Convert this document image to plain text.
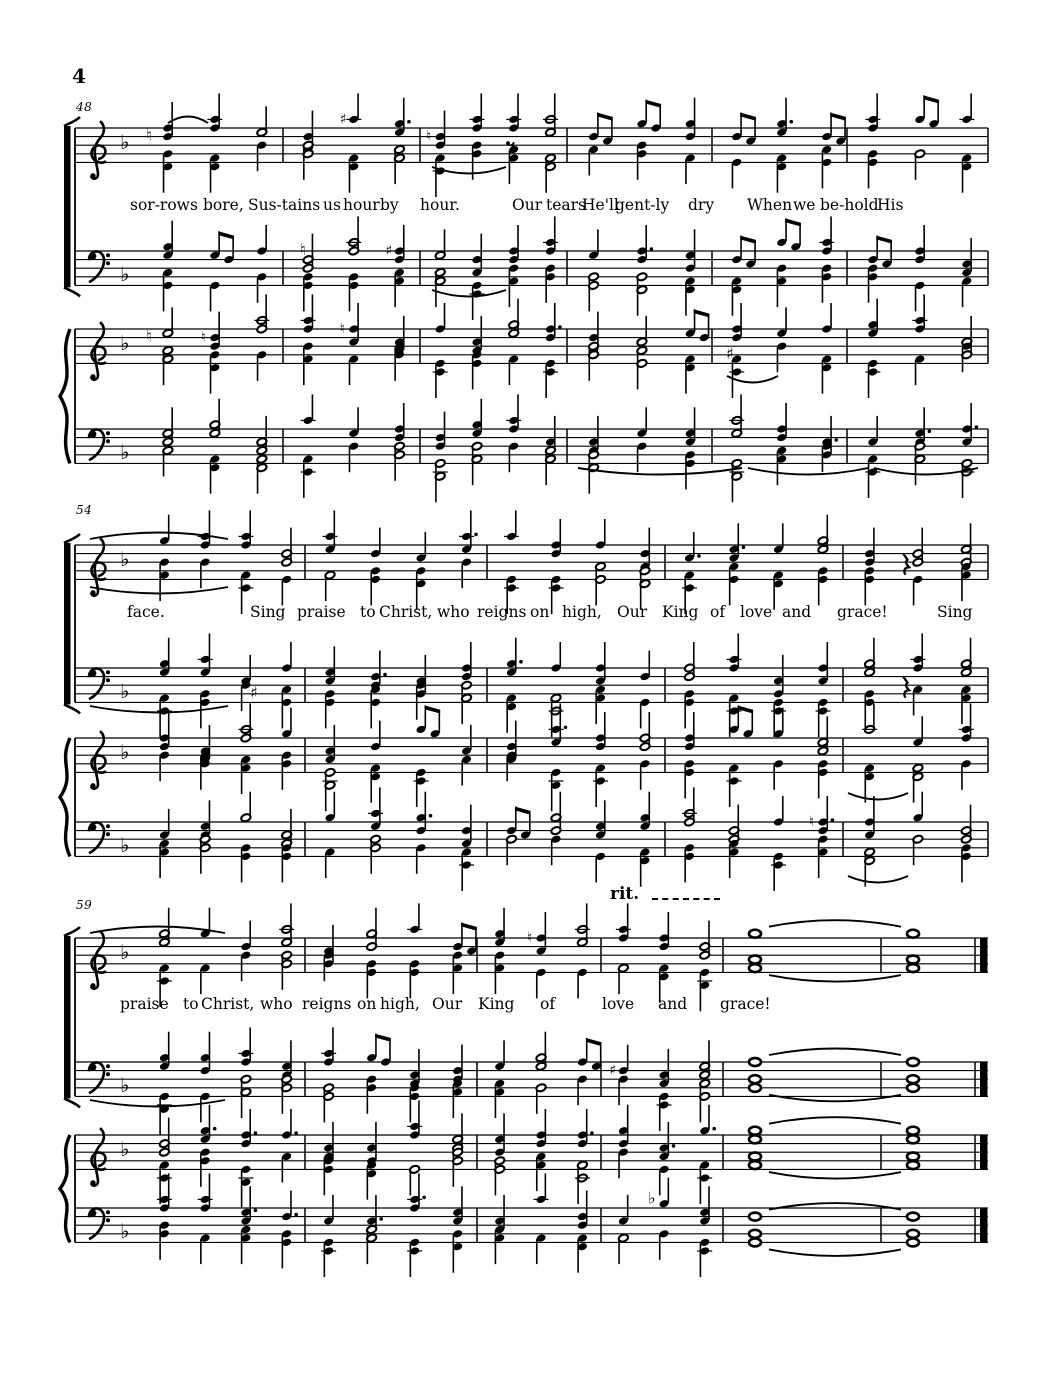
4
48
54
59
rit.
♭
♭
♭
♭
♯
♮
♯
♮
♮
♮
♮
♯
♮
♭
♭
♭
♭
♮
♯
♭
♭
♭
♭
♮
♯
♭
sor-rows bore, Sus-tains us hour by hour.	Our tears
He'll
gent-ly dry When we be-hold
His
face.	Sing praise to Christ, who reigns on high, Our King of love and grace!	Sing
praise to Christ, who reigns on high, Our King of	love and grace!
